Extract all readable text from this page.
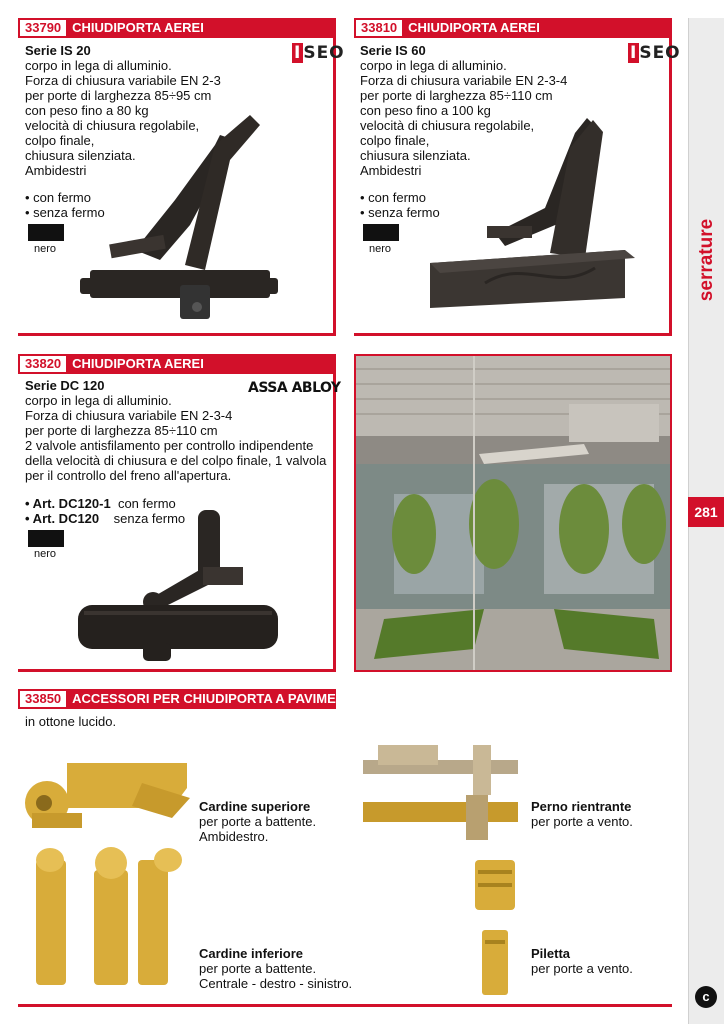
serrature
281
c
33790 CHIUDIPORTA AEREI
I SEO
Serie IS 20
corpo in lega di alluminio.
Forza di chiusura variabile EN 2-3
per porte di larghezza 85÷95 cm
con peso fino a 80 kg
velocità di chiusura regolabile,
colpo finale,
chiusura silenziata.
Ambidestri
• con fermo
• senza fermo
nero
33810 CHIUDIPORTA AEREI
I SEO
Serie IS 60
corpo in lega di alluminio.
Forza di chiusura variabile EN 2-3-4
per porte di larghezza 85÷110 cm
con peso fino a 100 kg
velocità di chiusura regolabile,
colpo finale,
chiusura silenziata.
Ambidestri
• con fermo
• senza fermo
nero
33820 CHIUDIPORTA AEREI
ASSA ABLOY
Serie DC 120
corpo in lega di alluminio.
Forza di chiusura variabile EN 2-3-4
per porte di larghezza 85÷110 cm
2 valvole antisfilamento per controllo indipendente
della velocità di chiusura e del colpo finale, 1 valvola
per il controllo del freno all'apertura.
• Art. DC120-1 con fermo
• Art. DC120 senza fermo
nero
33850 ACCESSORI PER CHIUDIPORTA A PAVIMENTO
in ottone lucido.
Cardine superiore
per porte a battente.
Ambidestro.
Perno rientrante
per porte a vento.
Cardine inferiore
per porte a battente.
Centrale - destro - sinistro.
Piletta
per porte a vento.
